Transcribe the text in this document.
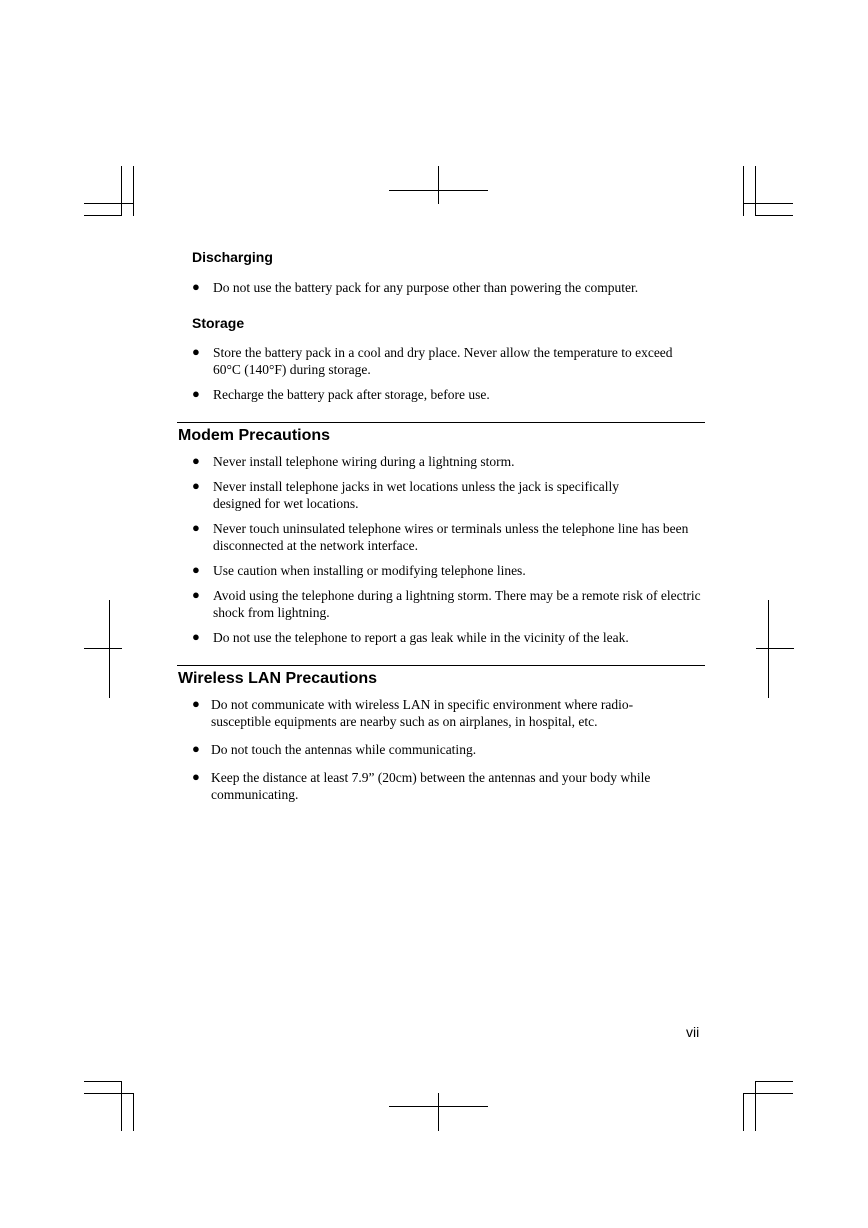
Discharging
● Do not use the battery pack for any purpose other than powering the computer.
Storage
● Store the battery pack in a cool and dry place. Never allow the temperature to exceed 60°C (140°F) during storage.
● Recharge the battery pack after storage, before use.
Modem Precautions
● Never install telephone wiring during a lightning storm.
● Never install telephone jacks in wet locations unless the jack is specifically designed for wet locations.
● Never touch uninsulated telephone wires or terminals unless the telephone line has been disconnected at the network interface.
● Use caution when installing or modifying telephone lines.
● Avoid using the telephone during a lightning storm. There may be a remote risk of electric shock from lightning.
● Do not use the telephone to report a gas leak while in the vicinity of the leak.
Wireless LAN Precautions
● Do not communicate with wireless LAN in specific environment where radio-susceptible equipments are nearby such as on airplanes, in hospital, etc.
● Do not touch the antennas while communicating.
● Keep the distance at least 7.9” (20cm) between the antennas and your body while communicating.
vii
